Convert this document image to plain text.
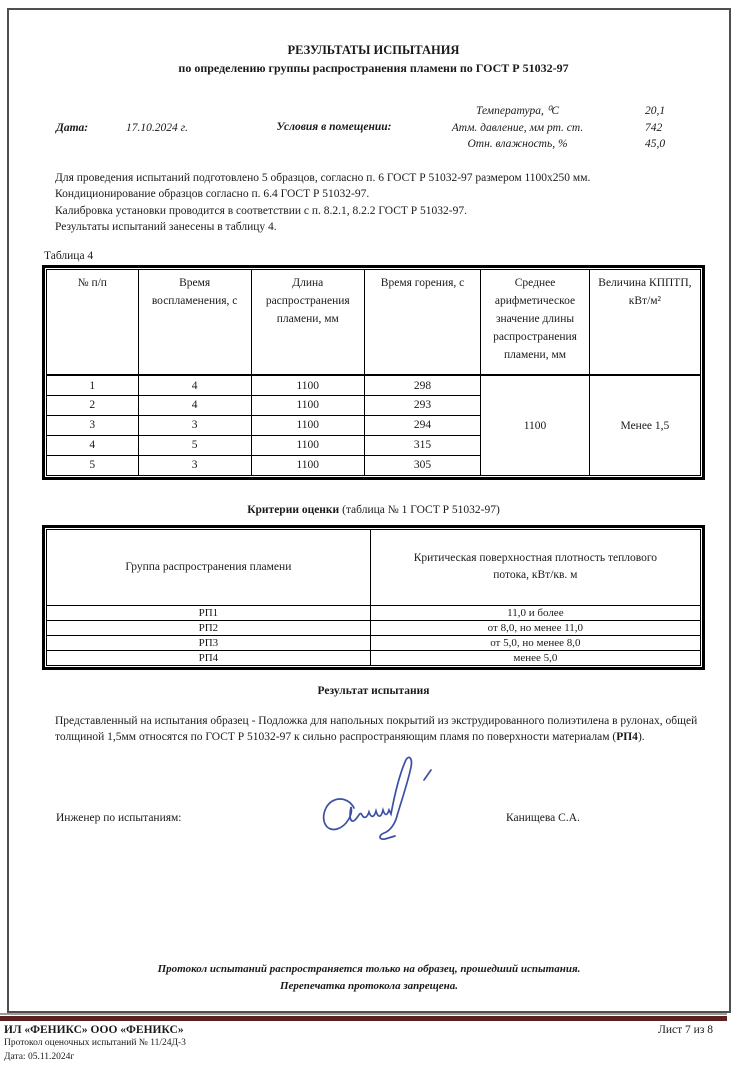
РЕЗУЛЬТАТЫ ИСПЫТАНИЯ
по определению группы распространения пламени по ГОСТ Р 51032-97
Дата:	17.10.2024 г.	Условия в помещении:
Температура, ⁰С	20,1
Атм. давление, мм рт. ст.	742
Отн. влажность, %	45,0
Для проведения испытаний подготовлено 5 образцов, согласно п. 6 ГОСТ Р 51032-97 размером 1100х250 мм.
Кондиционирование образцов согласно п. 6.4 ГОСТ Р 51032-97.
Калибровка установки проводится в соответствии с п. 8.2.1, 8.2.2 ГОСТ Р 51032-97.
Результаты испытаний занесены в таблицу 4.
Таблица 4
№ п/п	Время воспламенения, с	Длина распространения пламени, мм	Время горения, с	Среднее арифметическое значение длины распространения пламени, мм	Величина КППТП, кВт/м²
1	4	1100	298	1100	Менее 1,5
2	4	1100	293		
3	3	1100	294		
4	5	1100	315		
5	3	1100	305		
Критерии оценки (таблица № 1 ГОСТ Р 51032-97)
Группа распространения пламени	Критическая поверхностная плотность теплового потока, кВт/кв. м
РП1	11,0 и более
РП2	от 8,0, но менее 11,0
РП3	от 5,0, но менее 8,0
РП4	менее 5,0
Результат испытания
Представленный на испытания образец - Подложка для напольных покрытий из экструдированного полиэтилена в рулонах, общей толщиной 1,5мм относятся по ГОСТ Р 51032-97 к сильно распространяющим пламя по поверхности материалам (РП4).
Инженер по испытаниям:	Канищева С.А.
Протокол испытаний распространяется только на образец, прошедший испытания.
Перепечатка протокола запрещена.
ИЛ «ФЕНИКС» ООО «ФЕНИКС»
Протокол оценочных испытаний № 11/24Д-3
Дата: 05.11.2024г
Лист 7 из 8
